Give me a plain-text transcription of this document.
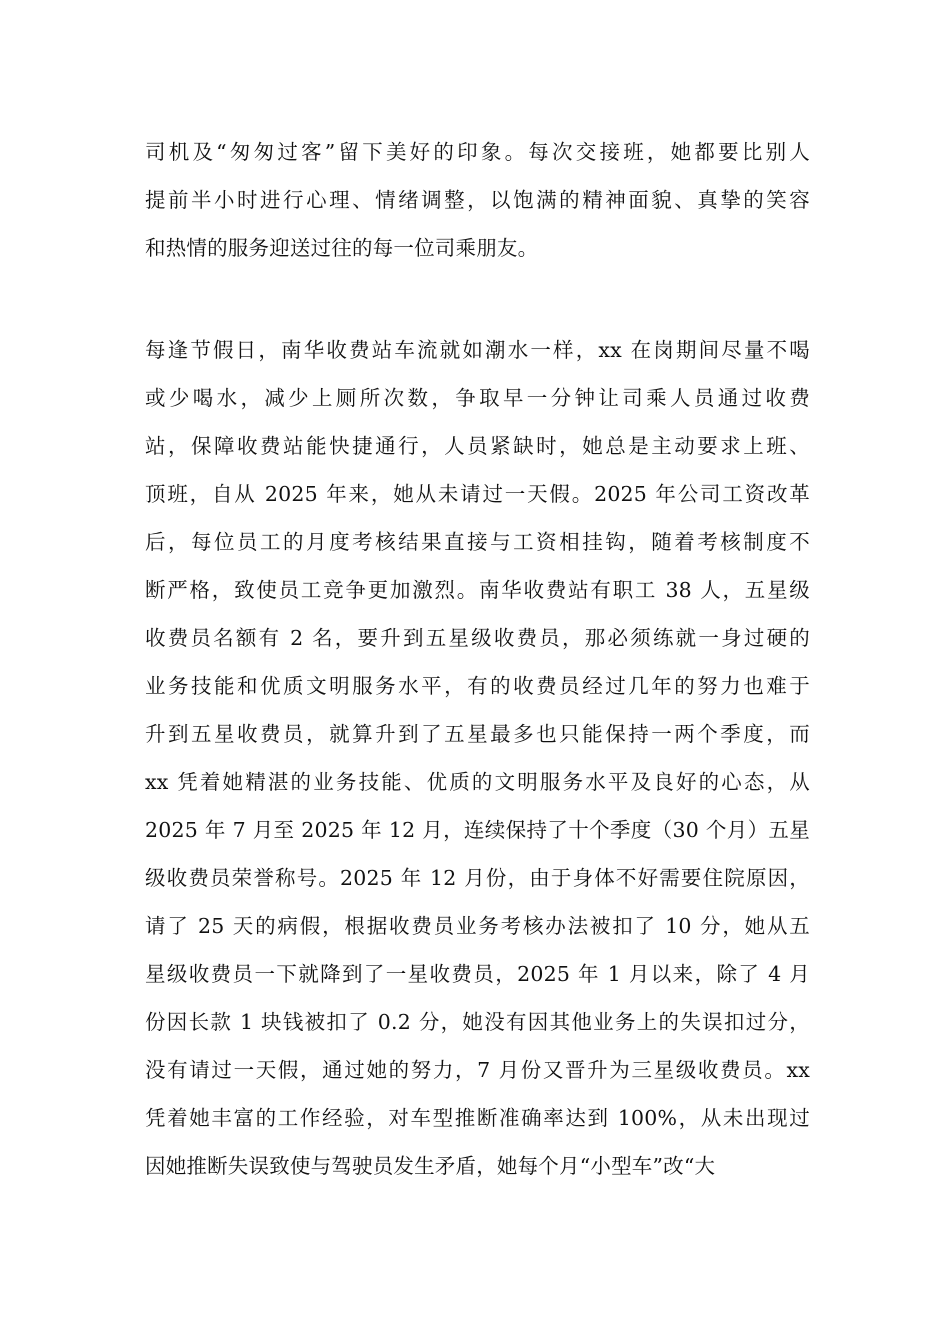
司机及“匆匆过客”留下美好的印象。每次交接班，她都要比别人
提前半小时进行心理、情绪调整，以饱满的精神面貌、真挚的笑容
和热情的服务迎送过往的每一位司乘朋友。

每逢节假日，南华收费站车流就如潮水一样，xx 在岗期间尽量不喝
或少喝水，减少上厕所次数，争取早一分钟让司乘人员通过收费
站，保障收费站能快捷通行，人员紧缺时，她总是主动要求上班、
顶班，自从 2025 年来，她从未请过一天假。2025 年公司工资改革
后，每位员工的月度考核结果直接与工资相挂钩，随着考核制度不
断严格，致使员工竞争更加激烈。南华收费站有职工 38 人，五星级
收费员名额有 2 名，要升到五星级收费员，那必须练就一身过硬的
业务技能和优质文明服务水平，有的收费员经过几年的努力也难于
升到五星收费员，就算升到了五星最多也只能保持一两个季度，而
xx 凭着她精湛的业务技能、优质的文明服务水平及良好的心态，从
2025 年 7 月至 2025 年 12 月，连续保持了十个季度（30 个月）五星
级收费员荣誉称号。2025 年 12 月份，由于身体不好需要住院原因，
请了 25 天的病假，根据收费员业务考核办法被扣了 10 分，她从五
星级收费员一下就降到了一星收费员，2025 年 1 月以来，除了 4 月
份因长款 1 块钱被扣了 0.2 分，她没有因其他业务上的失误扣过分，
没有请过一天假，通过她的努力，7 月份又晋升为三星级收费员。xx
凭着她丰富的工作经验，对车型推断准确率达到 100%，从未出现过
因她推断失误致使与驾驶员发生矛盾，她每个月“小型车”改“大
